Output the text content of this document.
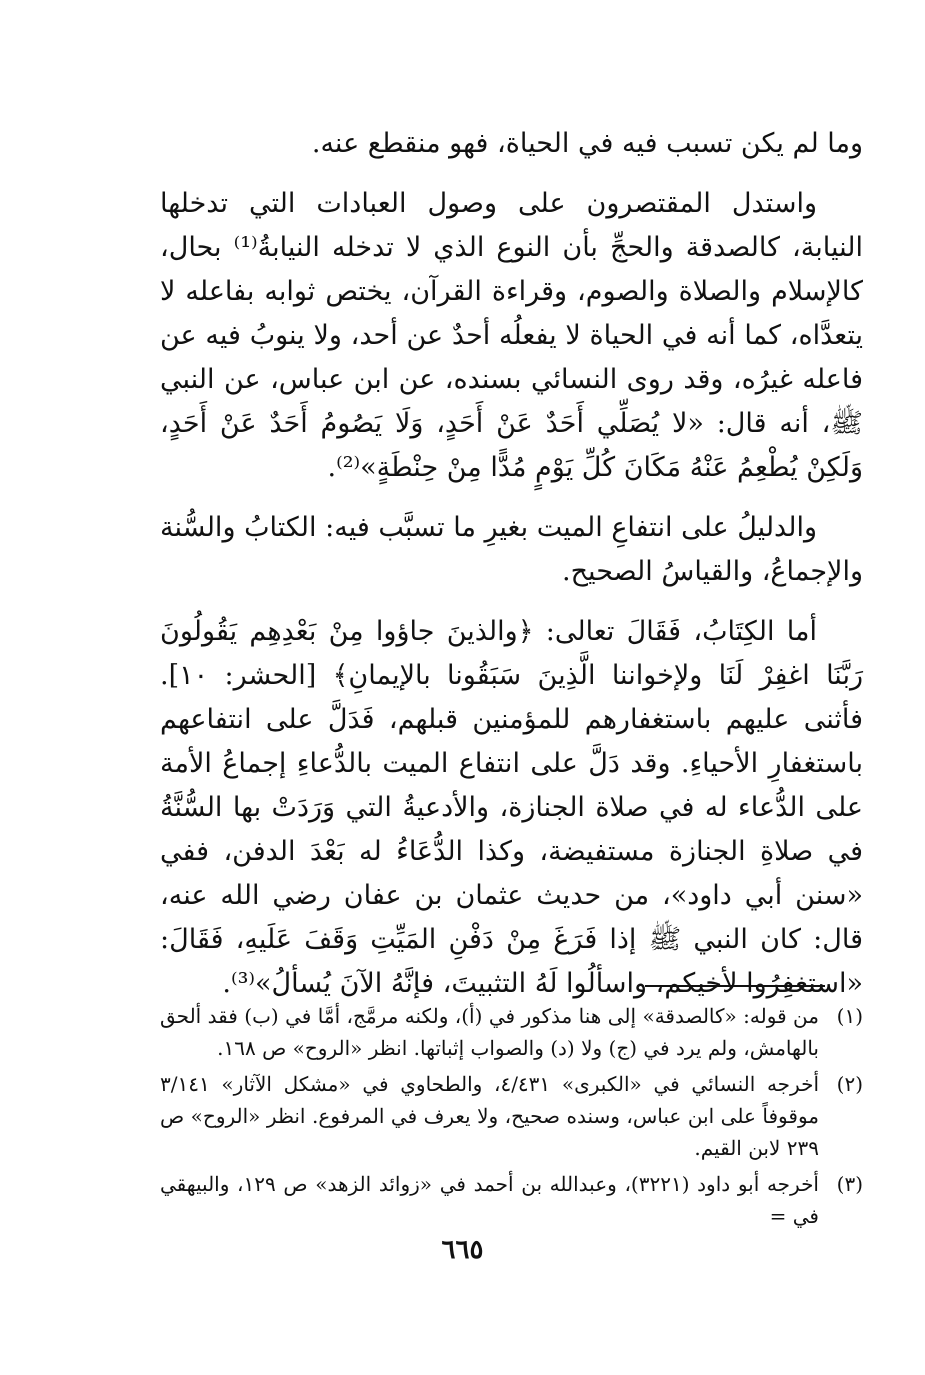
وما لم يكن تسبب فيه في الحياة، فهو منقطع عنه.

واستدل المقتصرون على وصول العبادات التي تدخلها النيابة، كالصدقة والحجِّ بأن النوع الذي لا تدخله النيابةُ⁽¹⁾ بحال، كالإسلام والصلاة والصوم، وقراءة القرآن، يختص ثوابه بفاعله لا يتعدَّاه، كما أنه في الحياة لا يفعلُه أحدٌ عن أحد، ولا ينوبُ فيه عن فاعله غيرُه، وقد روى النسائي بسنده، عن ابن عباس، عن النبي ﷺ، أنه قال: «لا يُصَلِّي أَحَدٌ عَنْ أَحَدٍ، وَلَا يَصُومُ أَحَدٌ عَنْ أَحَدٍ، وَلَكِنْ يُطْعِمُ عَنْهُ مَكَانَ كُلِّ يَوْمٍ مُدًّا مِنْ حِنْطَةٍ»⁽²⁾.

والدليلُ على انتفاعِ الميت بغيرِ ما تسبَّب فيه: الكتابُ والسُّنة والإجماعُ، والقياسُ الصحيح.

أما الكِتَابُ، فَقَالَ تعالى: ﴿والذينَ جاؤوا مِنْ بَعْدِهِم يَقُولُونَ رَبَّنَا اغفِرْ لَنَا ولإخواننا الَّذِينَ سَبَقُونا بالإيمانِ﴾ [الحشر: ١٠]. فأثنى عليهم باستغفارهم للمؤمنين قبلهم، فَدَلَّ على انتفاعهم باستغفارِ الأحياءِ. وقد دَلَّ على انتفاع الميت بالدُّعاءِ إجماعُ الأمة على الدُّعاء له في صلاة الجنازة، والأدعيةُ التي وَرَدَتْ بها السُّنَّةُ في صلاةِ الجنازة مستفيضة، وكذا الدُّعَاءُ له بَعْدَ الدفن، ففي «سنن أبي داود»، من حديث عثمان بن عفان رضي الله عنه، قال: كان النبي ﷺ إذا فَرَغَ مِنْ دَفْنِ المَيِّتِ وَقَفَ عَلَيهِ، فَقَالَ: «استغفِرُوا لأخيكم، واسألُوا لَهُ التثبيتَ، فإنَّهُ الآنَ يُسألُ»⁽³⁾.

(١)من قوله: «كالصدقة» إلى هنا مذكور في (أ)، ولكنه مرمَّج، أمَّا في (ب) فقد ألحق بالهامش، ولم يرد في (ج) ولا (د) والصواب إثباتها. انظر «الروح» ص ١٦٨.

(٢)أخرجه النسائي في «الكبرى» ٤/٤٣١، والطحاوي في «مشكل الآثار» ٣/١٤١ موقوفاً على ابن عباس، وسنده صحيح، ولا يعرف في المرفوع. انظر «الروح» ص ٢٣٩ لابن القيم.

(٣)أخرجه أبو داود (٣٢٢١)، وعبدالله بن أحمد في «زوائد الزهد» ص ١٢٩، والبيهقي في =

٦٦٥
